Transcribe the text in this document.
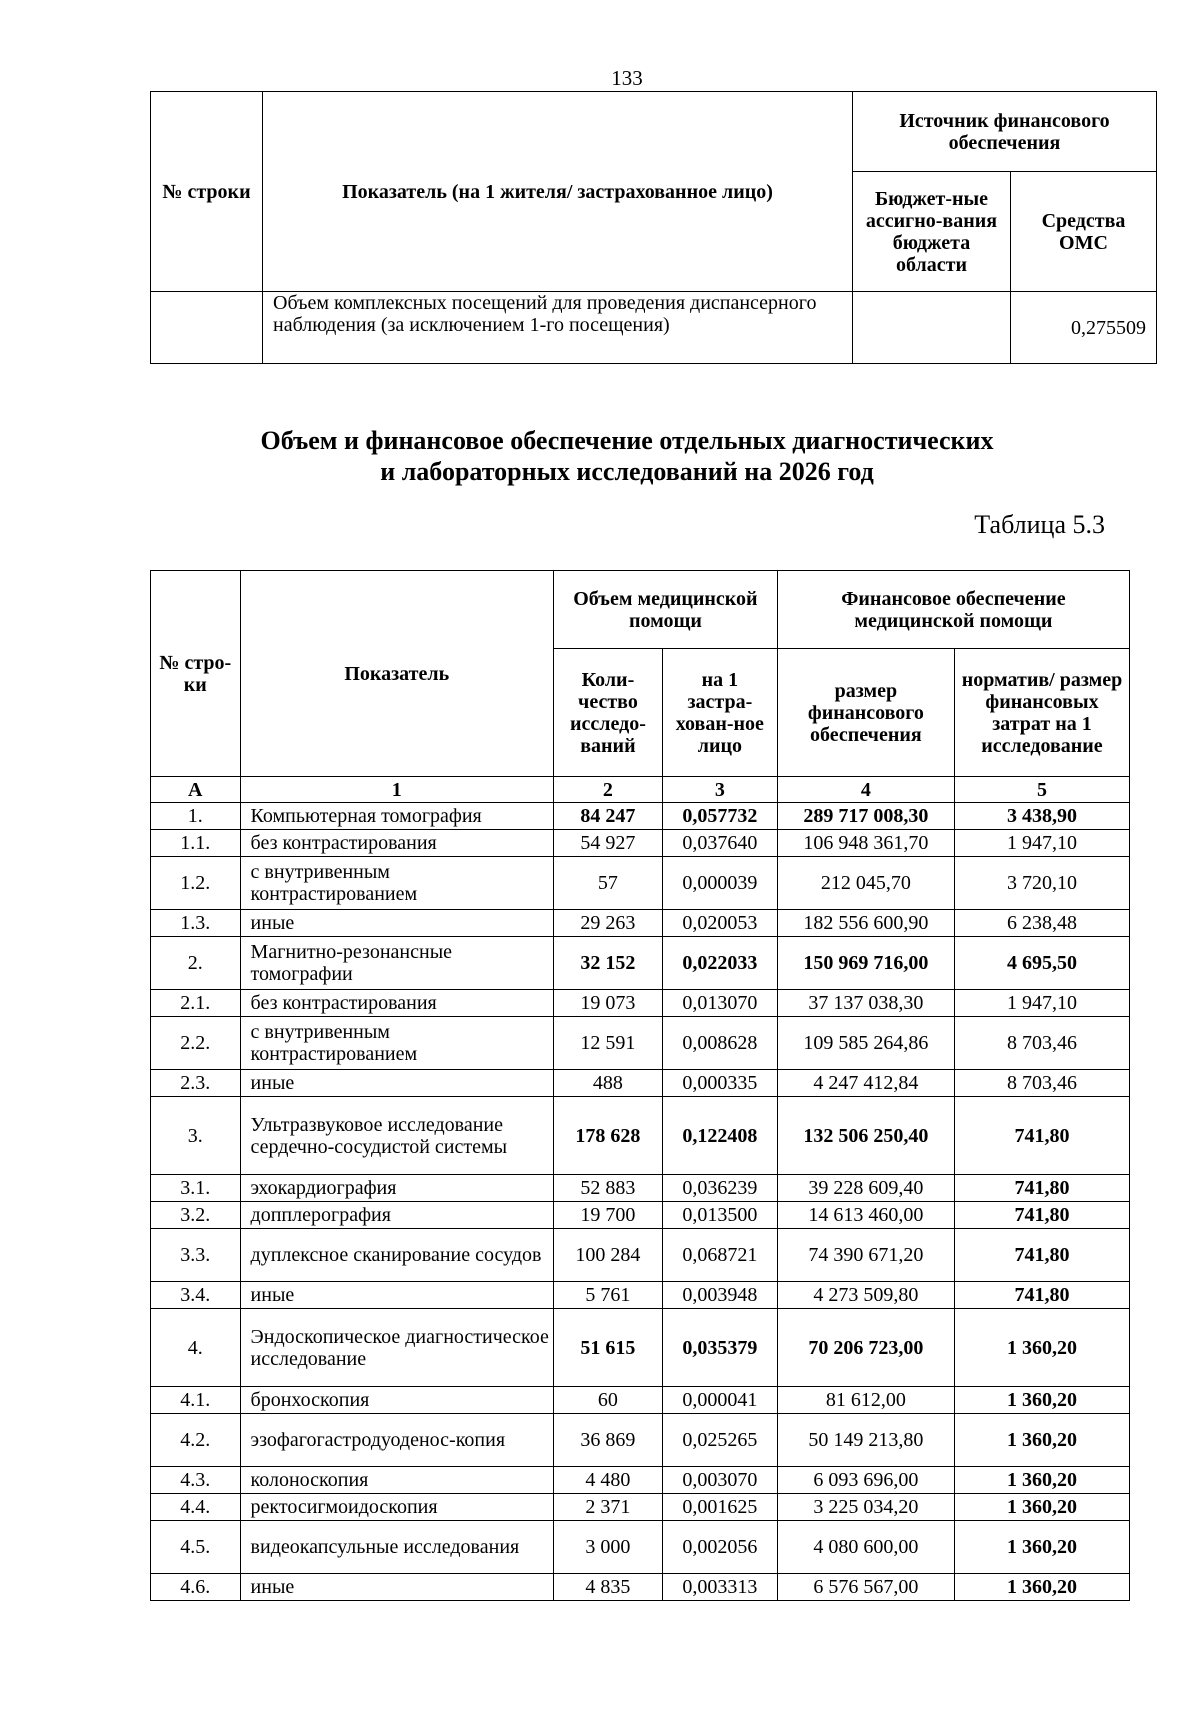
133
№ строки	Показатель (на 1 жителя/ застрахованное лицо)	Источник финансового обеспечения	
		Бюджет-ные ассигно-вания бюджета области	Средства ОМС
	Объем комплексных посещений для проведения диспансерного наблюдения (за исключением 1-го посещения)		0,275509
Объем и финансовое обеспечение отдельных диагностических
и лабораторных исследований на 2026 год
Таблица 5.3
№ стро-ки	Показатель	Объем медицинской помощи		Финансовое обеспечение медицинской помощи	
		Коли-чество исследо-ваний	на 1 застра-хован-ное лицо	размер финансового обеспечения	норматив/ размер финансовых затрат на 1 исследование
А	1	2	3	4	5
1.	Компьютерная томография	84 247	0,057732	289 717 008,30	3 438,90
1.1.	без контрастирования	54 927	0,037640	106 948 361,70	1 947,10
1.2.	с внутривенным контрастированием	57	0,000039	212 045,70	3 720,10
1.3.	иные	29 263	0,020053	182 556 600,90	6 238,48
2.	Магнитно-резонансные томографии	32 152	0,022033	150 969 716,00	4 695,50
2.1.	без контрастирования	19 073	0,013070	37 137 038,30	1 947,10
2.2.	с внутривенным контрастированием	12 591	0,008628	109 585 264,86	8 703,46
2.3.	иные	488	0,000335	4 247 412,84	8 703,46
3.	Ультразвуковое исследование сердечно-сосудистой системы	178 628	0,122408	132 506 250,40	741,80
3.1.	эхокардиография	52 883	0,036239	39 228 609,40	741,80
3.2.	допплерография	19 700	0,013500	14 613 460,00	741,80
3.3.	дуплексное сканирование сосудов	100 284	0,068721	74 390 671,20	741,80
3.4.	иные	5 761	0,003948	4 273 509,80	741,80
4.	Эндоскопическое диагностическое исследование	51 615	0,035379	70 206 723,00	1 360,20
4.1.	бронхоскопия	60	0,000041	81 612,00	1 360,20
4.2.	эзофагогастродуоденос-копия	36 869	0,025265	50 149 213,80	1 360,20
4.3.	колоноскопия	4 480	0,003070	6 093 696,00	1 360,20
4.4.	ректосигмоидоскопия	2 371	0,001625	3 225 034,20	1 360,20
4.5.	видеокапсульные исследования	3 000	0,002056	4 080 600,00	1 360,20
4.6.	иные	4 835	0,003313	6 576 567,00	1 360,20
